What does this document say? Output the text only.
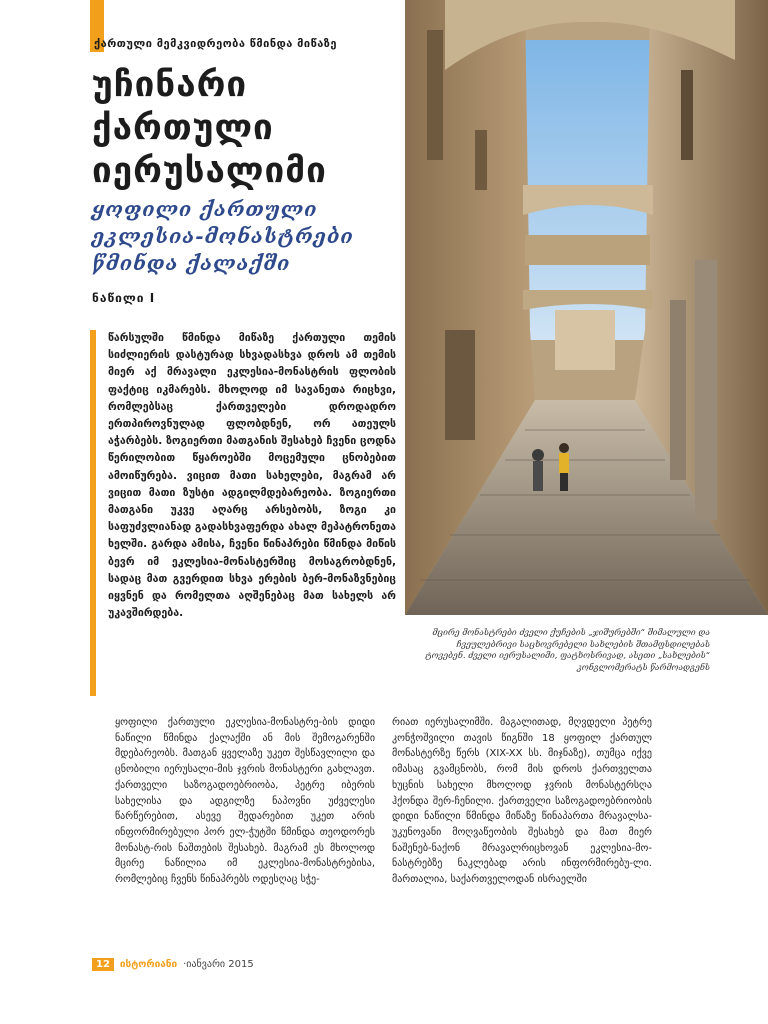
ქართული მემკვიდრეობა წმინდა მიწაზე
უჩინარი
ქართული
იერუსალიმი
ყოფილი ქართული
ეკლესია-მონასტრები
წმინდა ქალაქში
ნაწილი I

წარსულში წმინდა მიწაზე ქართული თემის სიძლიერის დასტურად სხვადასხვა დროს ამ თემის მიერ აქ მრავალი ეკლესია-მონასტრის ფლობის ფაქტიც იკმარებს. მხოლოდ იმ სავანეთა რიცხვი, რომლებსაც ქართველები დროდადრო ერთპიროვნულად ფლობდნენ, ორ ათეულს აჭარბებს. ზოგიერთი მათგანის შესახებ ჩვენი ცოდნა წერილობით წყაროებში მოცემული ცნობებით ამოიწურება. ვიცით მათი სახელები, მაგრამ არ ვიცით მათი ზუსტი ადგილმდებარეობა. ზოგიერთი მათგანი უკვე აღარც არსებობს, ზოგი კი საფუძვლიანად გადასხვაფერდა ახალ მეპატრონეთა ხელში. გარდა ამისა, ჩვენი წინაპრები წმინდა მიწის ბევრ იმ ეკლესია-მონასტერშიც მოსაგრობდნენ, სადაც მათ გვერდით სხვა ერების ბერ-მონაზვნებიც იყვნენ და რომელთა აღშენებაც მათ სახელს არ უკავშირდება.

მცირე მონასტრები ძველი ქუჩების „ჯიშურებში“ შიმალული და ჩვეულებრივი საცხოვრებელი სახლების შთამფსდილებას ტოვებენ. ძველი იერუსალიმი, ფატხოსრივად, ასეთი „სახლების“ კონგლომერატს წარმოადგენს

ყოფილი ქართული ეკლესია-მონასტრე-ბის დიდი ნაწილი წმინდა ქალაქში ან მის შემოგარენში მდებარეობს. მათგან ყველაზე უკეთ შესწავლილი და ცნობილი იერუსალი-მის ჯვრის მონასტერი გახლავთ. ქართველი საზოგადოებრიობა, პეტრე იბერის სახელისა და ადგილზე ნაპოვნი უძველესი წარწერებით, ასევე შედარებით უკეთ არის ინფორმირებული პორ ელ-ჭუტში წმინდა თეოდორეს მონასტ-რის ნაშთების შესახებ. მაგრამ ეს მხოლოდ მცირე ნაწილია იმ ეკლესია-მონასტრებისა, რომლებიც ჩვენს წინაპრებს ოდესღაც სჭე-

რიათ იერუსალიმში. მაგალითად, მღვდელი პეტრე კონჭოშვილი თავის წიგნში 18 ყოფილ ქართულ მონასტერზე წერს (XIX-XX სს. მიჯნაზე), თუმცა იქვე იმასაც გვამცნობს, რომ მის დროს ქართველთა ხუცნის სახელი მხოლოდ ჯვრის მონასტერსღა ჰქონდა შერ-ჩენილი. ქართველი საზოგადოებრიობის დიდი ნაწილი წმინდა მიწაზე წინაპართა მრავალსა-უკუნოვანი მოღვაწეობის შესახებ და მათ მიერ ნაშენებ-ნაქონ მრავალრიცხოვან ეკლესია-მო-ნასტრებზე ნაკლებად არის ინფორმირებუ-ლი. მართალია, საქართველოდან ისრაელში

12	ისტორიანი ·იანვარი 2015
